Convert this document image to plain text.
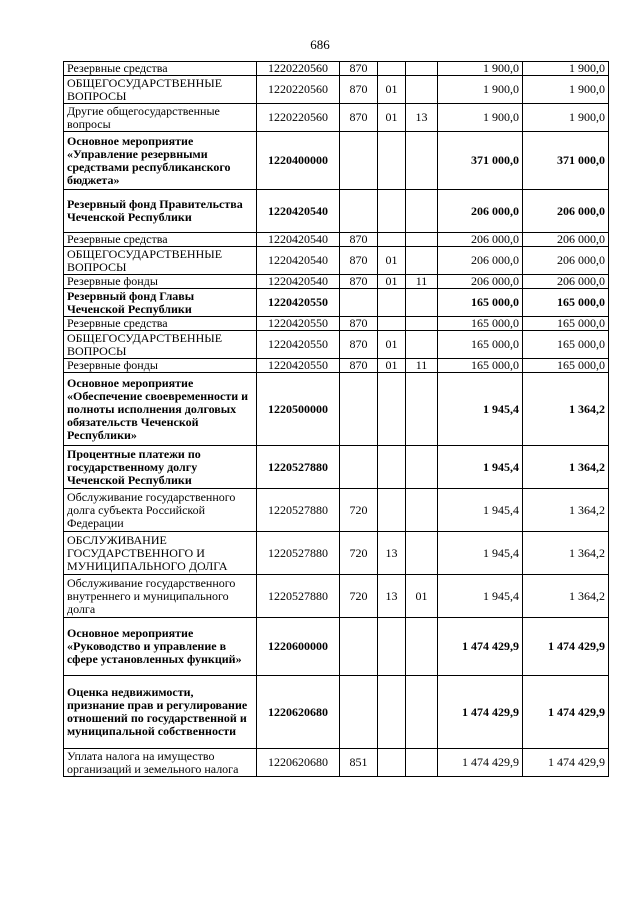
686
Резервные средства	1220220560	870			1 900,0	1 900,0
ОБЩЕГОСУДАРСТВЕННЫЕ ВОПРОСЫ	1220220560	870	01		1 900,0	1 900,0
Другие общегосударственные вопросы	1220220560	870	01	13	1 900,0	1 900,0
Основное мероприятие «Управление резервными средствами республиканского бюджета»	1220400000				371 000,0	371 000,0
Резервный фонд Правительства Чеченской Республики	1220420540				206 000,0	206 000,0
Резервные средства	1220420540	870			206 000,0	206 000,0
ОБЩЕГОСУДАРСТВЕННЫЕ ВОПРОСЫ	1220420540	870	01		206 000,0	206 000,0
Резервные фонды	1220420540	870	01	11	206 000,0	206 000,0
Резервный фонд Главы Чеченской Республики	1220420550				165 000,0	165 000,0
Резервные средства	1220420550	870			165 000,0	165 000,0
ОБЩЕГОСУДАРСТВЕННЫЕ ВОПРОСЫ	1220420550	870	01		165 000,0	165 000,0
Резервные фонды	1220420550	870	01	11	165 000,0	165 000,0
Основное мероприятие «Обеспечение своевременности и полноты исполнения долговых обязательств Чеченской Республики»	1220500000				1 945,4	1 364,2
Процентные платежи по государственному долгу Чеченской Республики	1220527880				1 945,4	1 364,2
Обслуживание государственного долга субъекта Российской Федерации	1220527880	720			1 945,4	1 364,2
ОБСЛУЖИВАНИЕ ГОСУДАРСТВЕННОГО И МУНИЦИПАЛЬНОГО ДОЛГА	1220527880	720	13		1 945,4	1 364,2
Обслуживание государственного внутреннего и муниципального долга	1220527880	720	13	01	1 945,4	1 364,2
Основное мероприятие «Руководство и управление в сфере установленных функций»	1220600000				1 474 429,9	1 474 429,9
Оценка недвижимости, признание прав и регулирование отношений по государственной и муниципальной собственности	1220620680				1 474 429,9	1 474 429,9
Уплата налога на имущество организаций и земельного налога	1220620680	851			1 474 429,9	1 474 429,9
